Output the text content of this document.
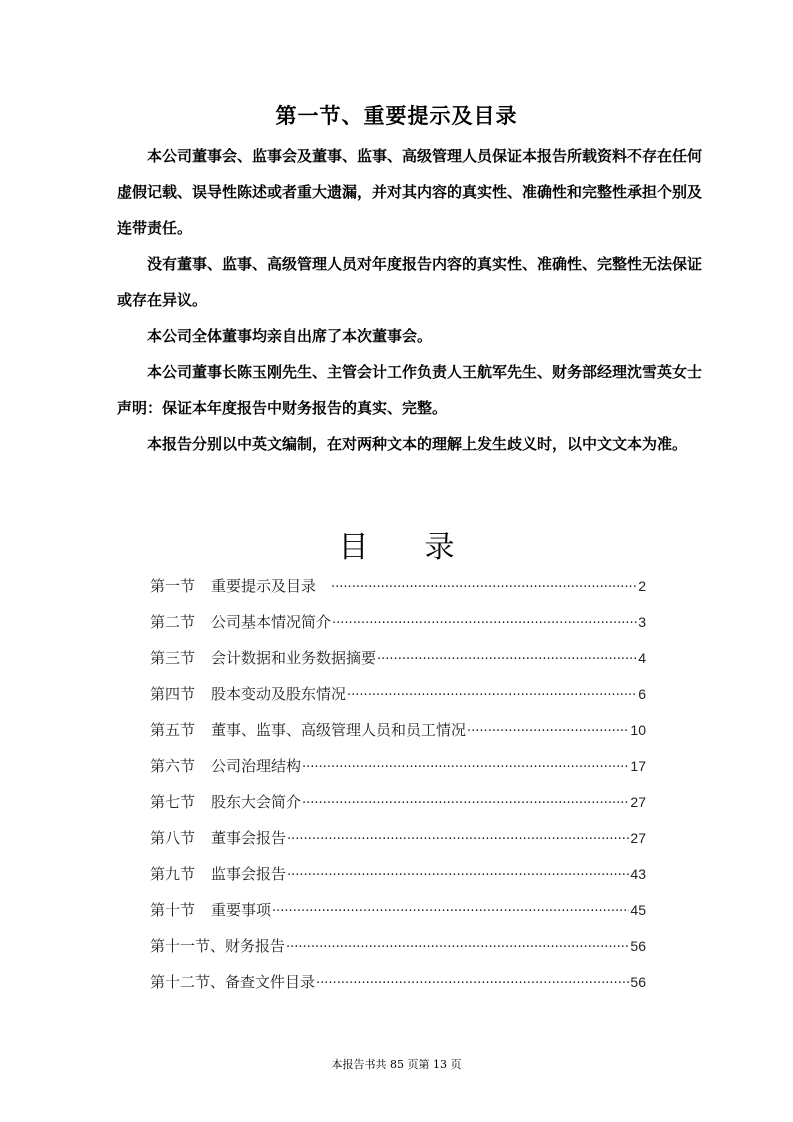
第一节、重要提示及目录

本公司董事会、监事会及董事、监事、高级管理人员保证本报告所载资料不存在任何虚假记载、误导性陈述或者重大遗漏，并对其内容的真实性、准确性和完整性承担个别及连带责任。

没有董事、监事、高级管理人员对年度报告内容的真实性、准确性、完整性无法保证或存在异议。

本公司全体董事均亲自出席了本次董事会。

本公司董事长陈玉刚先生、主管会计工作负责人王航军先生、财务部经理沈雪英女士声明：保证本年度报告中财务报告的真实、完整。

本报告分别以中英文编制，在对两种文本的理解上发生歧义时，以中文文本为准。

目录
第一节 重要提示及目录 ·····	2
第二节 公司基本情况简介 ·····	3
第三节 会计数据和业务数据摘要 ·····	4
第四节 股本变动及股东情况 ·····	6
第五节 董事、监事、高级管理人员和员工情况 ·····	10
第六节 公司治理结构 ·····	17
第七节 股东大会简介 ·····	27
第八节 董事会报告 ·····	27
第九节 监事会报告 ·····	43
第十节 重要事项 ·····	45
第十一节、 财务报告 ·····	56
第十二节、 备查文件目录 ·····	56
本报告书共 85 页第 13 页
